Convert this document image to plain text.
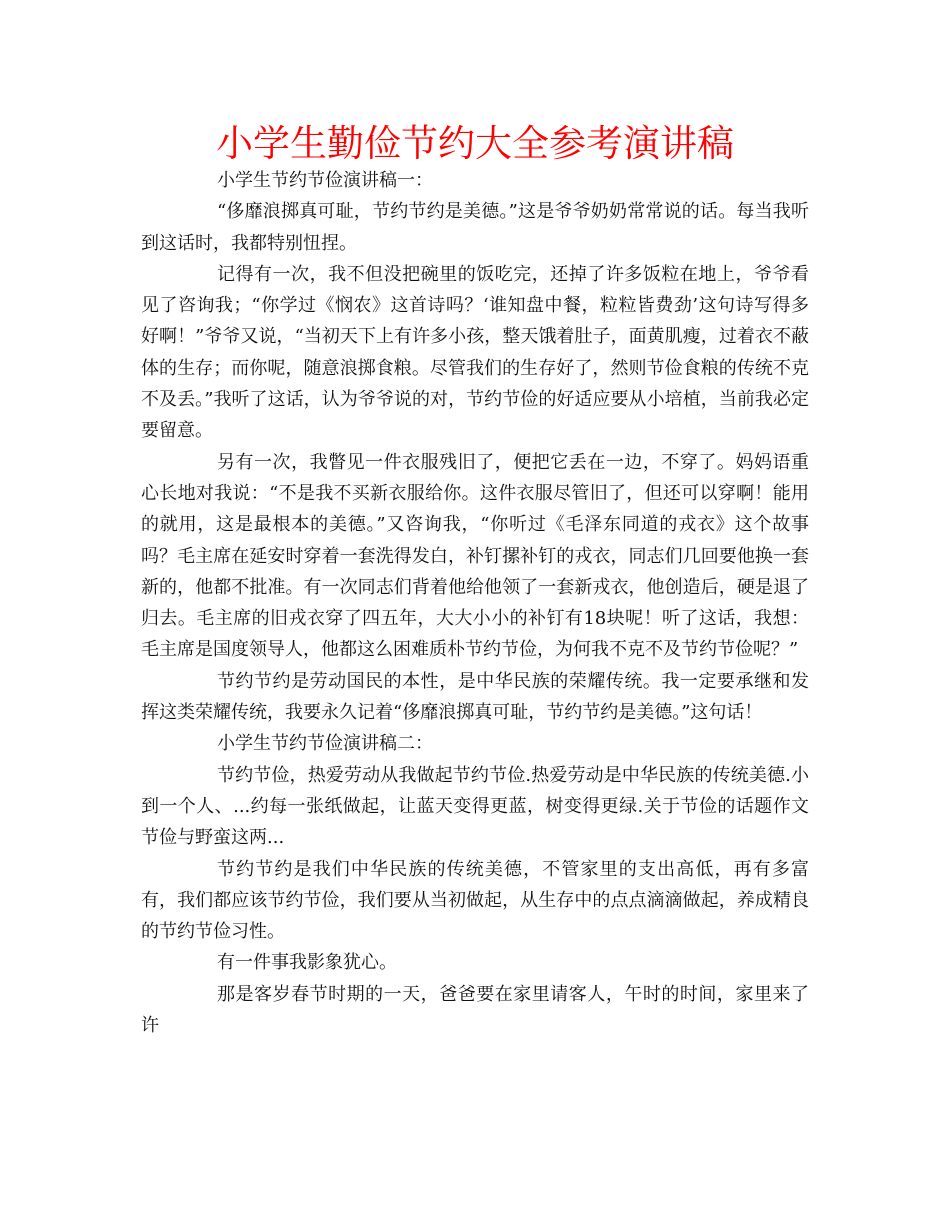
小学生勤俭节约大全参考演讲稿

小学生节约节俭演讲稿一：

“侈靡浪掷真可耻，节约节约是美德。”这是爷爷奶奶常常说的话。每当我听到这话时，我都特别忸捏。

记得有一次，我不但没把碗里的饭吃完，还掉了许多饭粒在地上，爷爷看见了咨询我；“你学过《悯农》这首诗吗？‘谁知盘中餐，粒粒皆费劲’这句诗写得多好啊！”爷爷又说，“当初天下上有许多小孩，整天饿着肚子，面黄肌瘦，过着衣不蔽体的生存；而你呢，随意浪掷食粮。尽管我们的生存好了，然则节俭食粮的传统不克不及丢。”我听了这话，认为爷爷说的对，节约节俭的好适应要从小培植，当前我必定要留意。

另有一次，我瞥见一件衣服残旧了，便把它丢在一边，不穿了。妈妈语重心长地对我说：“不是我不买新衣服给你。这件衣服尽管旧了，但还可以穿啊！能用的就用，这是最根本的美德。”又咨询我，“你听过《毛泽东同道的戎衣》这个故事吗？毛主席在延安时穿着一套洗得发白，补钉摞补钉的戎衣，同志们几回要他换一套新的，他都不批准。有一次同志们背着他给他领了一套新戎衣，他创造后，硬是退了归去。毛主席的旧戎衣穿了四五年，大大小小的补钉有18块呢！听了这话，我想：毛主席是国度领导人，他都这么困难质朴节约节俭，为何我不克不及节约节俭呢？”

节约节约是劳动国民的本性，是中华民族的荣耀传统。我一定要承继和发挥这类荣耀传统，我要永久记着“侈靡浪掷真可耻，节约节约是美德。”这句话！

小学生节约节俭演讲稿二：

节约节俭，热爱劳动从我做起节约节俭.热爱劳动是中华民族的传统美德.小到一个人、...约每一张纸做起，让蓝天变得更蓝，树变得更绿.关于节俭的话题作文节俭与野蛮这两...

节约节约是我们中华民族的传统美德，不管家里的支出高低，再有多富有，我们都应该节约节俭，我们要从当初做起，从生存中的点点滴滴做起，养成精良的节约节俭习性。

有一件事我影象犹心。

那是客岁春节时期的一天，爸爸要在家里请客人，午时的时间，家里来了许
